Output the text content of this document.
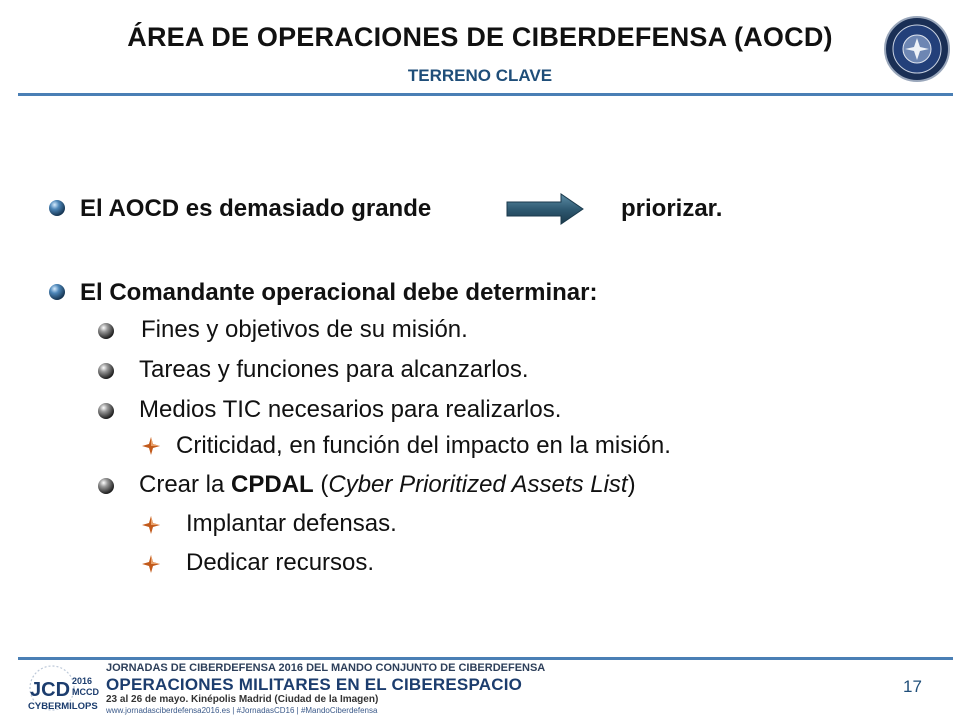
ÁREA DE OPERACIONES DE CIBERDEFENSA (AOCD)
TERRENO CLAVE
El AOCD es demasiado grande	priorizar.
El Comandante operacional debe determinar:
Fines y objetivos de su misión.
Tareas y funciones para alcanzarlos.
Medios TIC necesarios para realizarlos.
Criticidad, en función del impacto en la misión.
Crear la CPDAL (Cyber Prioritized Assets List)
Implantar defensas.
Dedicar recursos.
JCD 2016
MCCD
CYBERMILOPS
JORNADAS DE CIBERDEFENSA 2016 DEL MANDO CONJUNTO DE CIBERDEFENSA
OPERACIONES MILITARES EN EL CIBERESPACIO
23 al 26 de mayo. Kinépolis Madrid (Ciudad de la Imagen)
www.jornadasciberdefensa2016.es | #JornadasCD16 | #MandoCiberdefensa
17
